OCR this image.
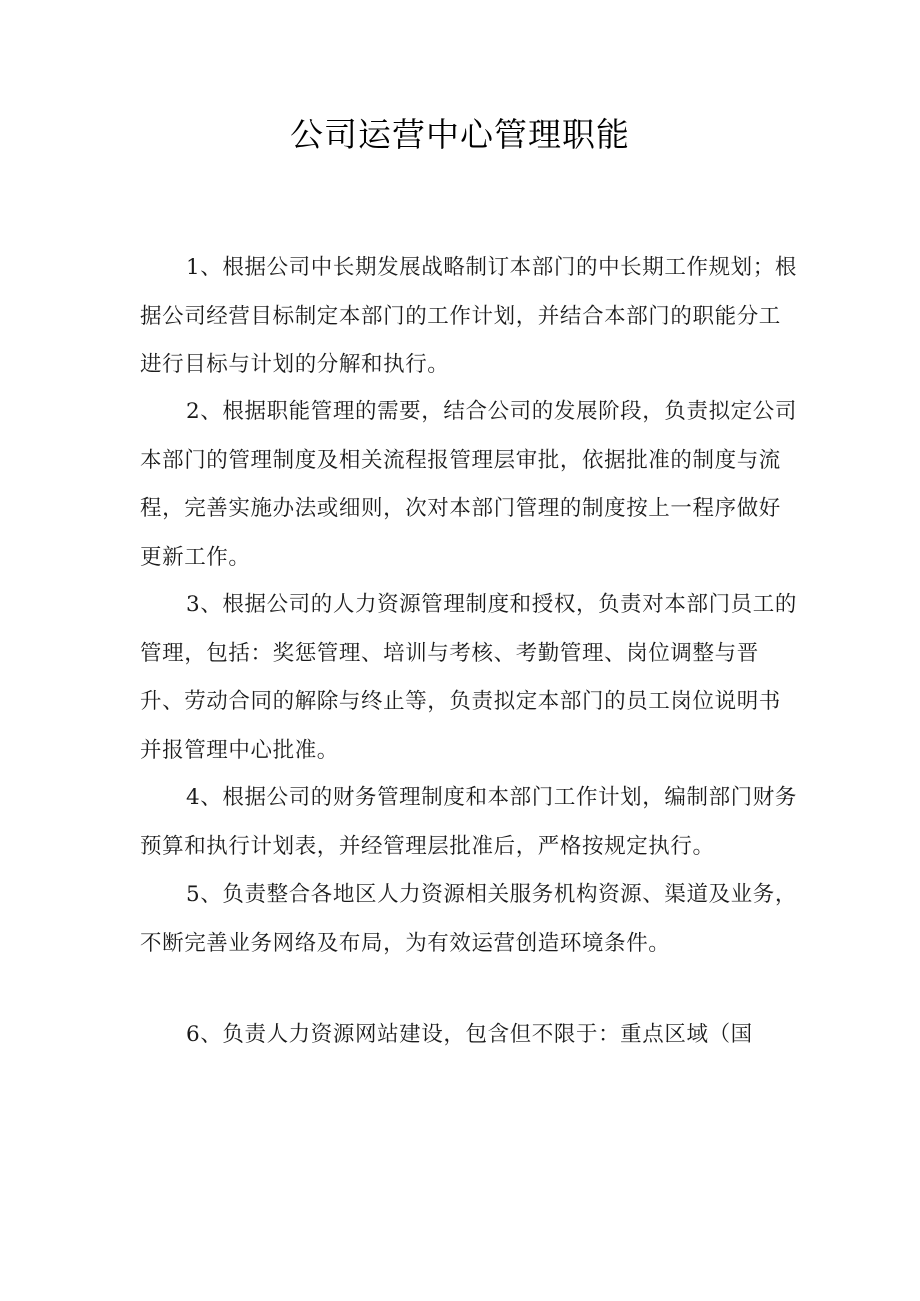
公司运营中心管理职能

1、根据公司中长期发展战略制订本部门的中长期工作规划；根据公司经营目标制定本部门的工作计划，并结合本部门的职能分工进行目标与计划的分解和执行。

2、根据职能管理的需要，结合公司的发展阶段，负责拟定公司本部门的管理制度及相关流程报管理层审批，依据批准的制度与流程，完善实施办法或细则，次对本部门管理的制度按上一程序做好更新工作。

3、根据公司的人力资源管理制度和授权，负责对本部门员工的管理，包括：奖惩管理、培训与考核、考勤管理、岗位调整与晋升、劳动合同的解除与终止等，负责拟定本部门的员工岗位说明书并报管理中心批准。

4、根据公司的财务管理制度和本部门工作计划，编制部门财务预算和执行计划表，并经管理层批准后，严格按规定执行。

5、负责整合各地区人力资源相关服务机构资源、渠道及业务，不断完善业务网络及布局，为有效运营创造环境条件。

6、负责人力资源网站建设，包含但不限于：重点区域（国
